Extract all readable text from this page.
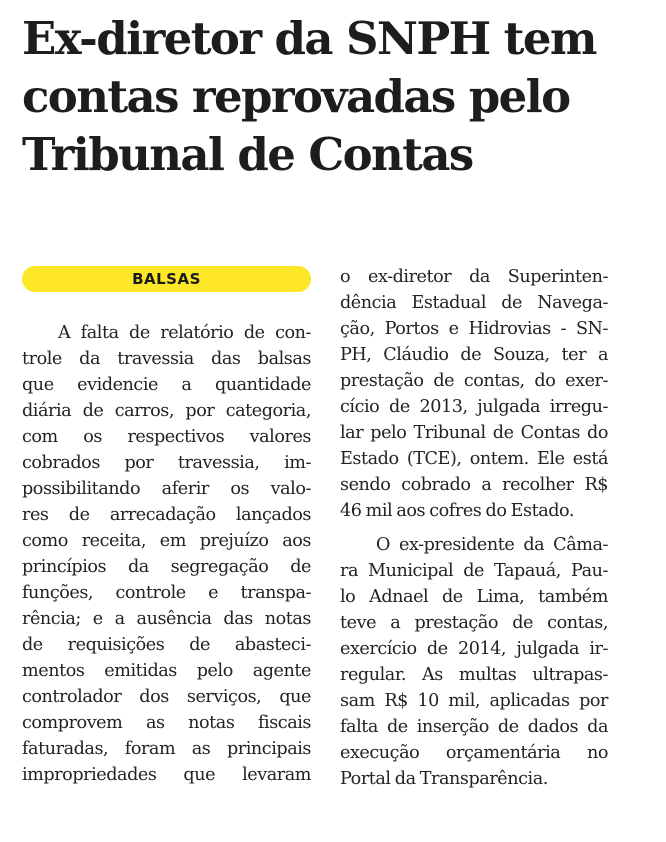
Ex-diretor da SNPH tem
contas reprovadas pelo
Tribunal de Contas
BALSAS
A falta de relatório de con-
trole da travessia das balsas
que evidencie a quantidade
diária de carros, por categoria,
com os respectivos valores
cobrados por travessia, im-
possibilitando aferir os valo-
res de arrecadação lançados
como receita, em prejuízo aos
princípios da segregação de
funções, controle e transpa-
rência; e a ausência das notas
de requisições de abasteci-
mentos emitidas pelo agente
controlador dos serviços, que
comprovem as notas fiscais
faturadas, foram as principais
impropriedades que levaram
o ex-diretor da Superinten-
dência Estadual de Navega-
ção, Portos e Hidrovias - SN-
PH, Cláudio de Souza, ter a
prestação de contas, do exer-
cício de 2013, julgada irregu-
lar pelo Tribunal de Contas do
Estado (TCE), ontem. Ele está
sendo cobrado a recolher R$
46 mil aos cofres do Estado.
O ex-presidente da Câma-
ra Municipal de Tapauá, Pau-
lo Adnael de Lima, também
teve a prestação de contas,
exercício de 2014, julgada ir-
regular. As multas ultrapas-
sam R$ 10 mil, aplicadas por
falta de inserção de dados da
execução orçamentária no
Portal da Transparência.
